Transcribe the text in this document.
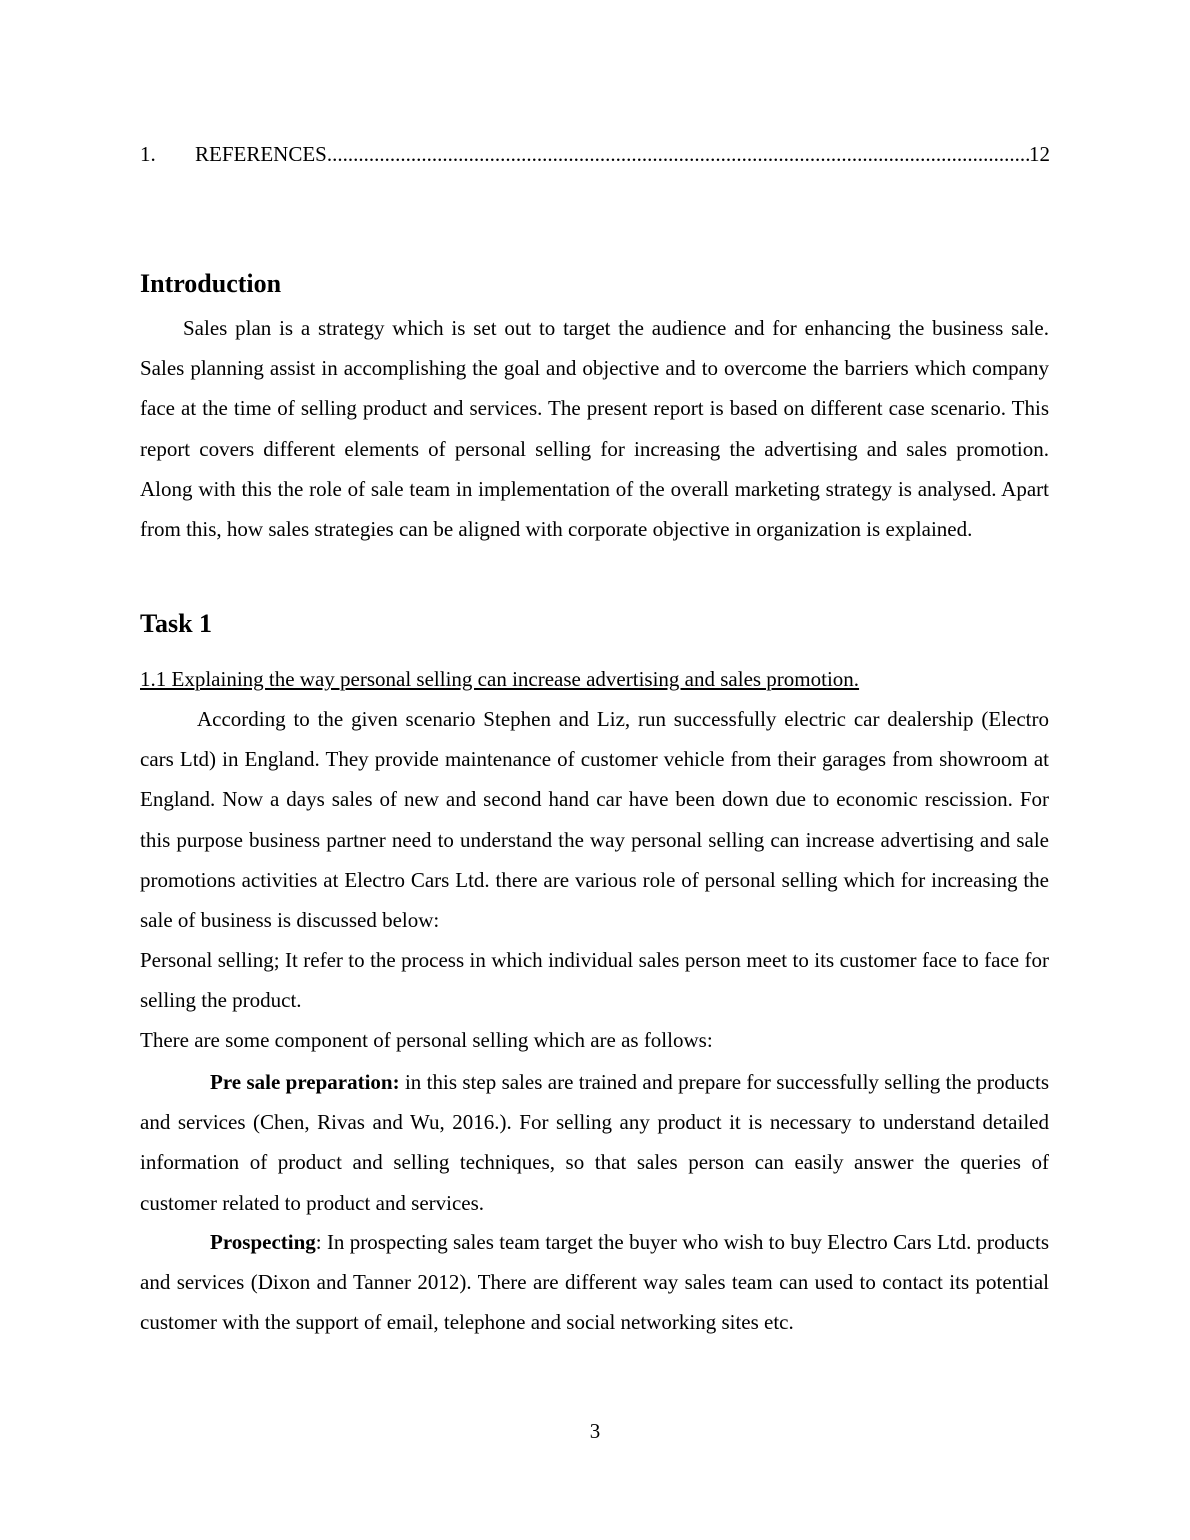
1.	REFERENCES
.....	12
Introduction

Sales plan is a strategy which is set out to target the audience and for enhancing the business sale. Sales planning assist in accomplishing the goal and objective and to overcome the barriers which company face at the time of selling product and services. The present report is based on different case scenario. This report covers different elements of personal selling for increasing the advertising and sales promotion. Along with this the role of sale team in implementation of the overall marketing strategy is analysed. Apart from this, how sales strategies can be aligned with corporate objective in organization is explained.

Task 1

1.1 Explaining the way personal selling can increase advertising and sales promotion.

According to the given scenario Stephen and Liz, run successfully electric car dealership (Electro cars Ltd) in England. They provide maintenance of customer vehicle from their garages from showroom at England. Now a days sales of new and second hand car have been down due to economic rescission. For this purpose business partner need to understand the way personal selling can increase advertising and sale promotions activities at Electro Cars Ltd. there are various role of personal selling which for increasing the sale of business is discussed below:

Personal selling; It refer to the process in which individual sales person meet to its customer face to face for selling the product.

There are some component of personal selling which are as follows:

Pre sale preparation: in this step sales are trained and prepare for successfully selling the products and services (Chen, Rivas and Wu, 2016.). For selling any product it is necessary to understand detailed information of product and selling techniques, so that sales person can easily answer the queries of customer related to product and services.

Prospecting: In prospecting sales team target the buyer who wish to buy Electro Cars Ltd. products and services (Dixon and Tanner 2012). There are different way sales team can used to contact its potential customer with the support of email, telephone and social networking sites etc.

3
